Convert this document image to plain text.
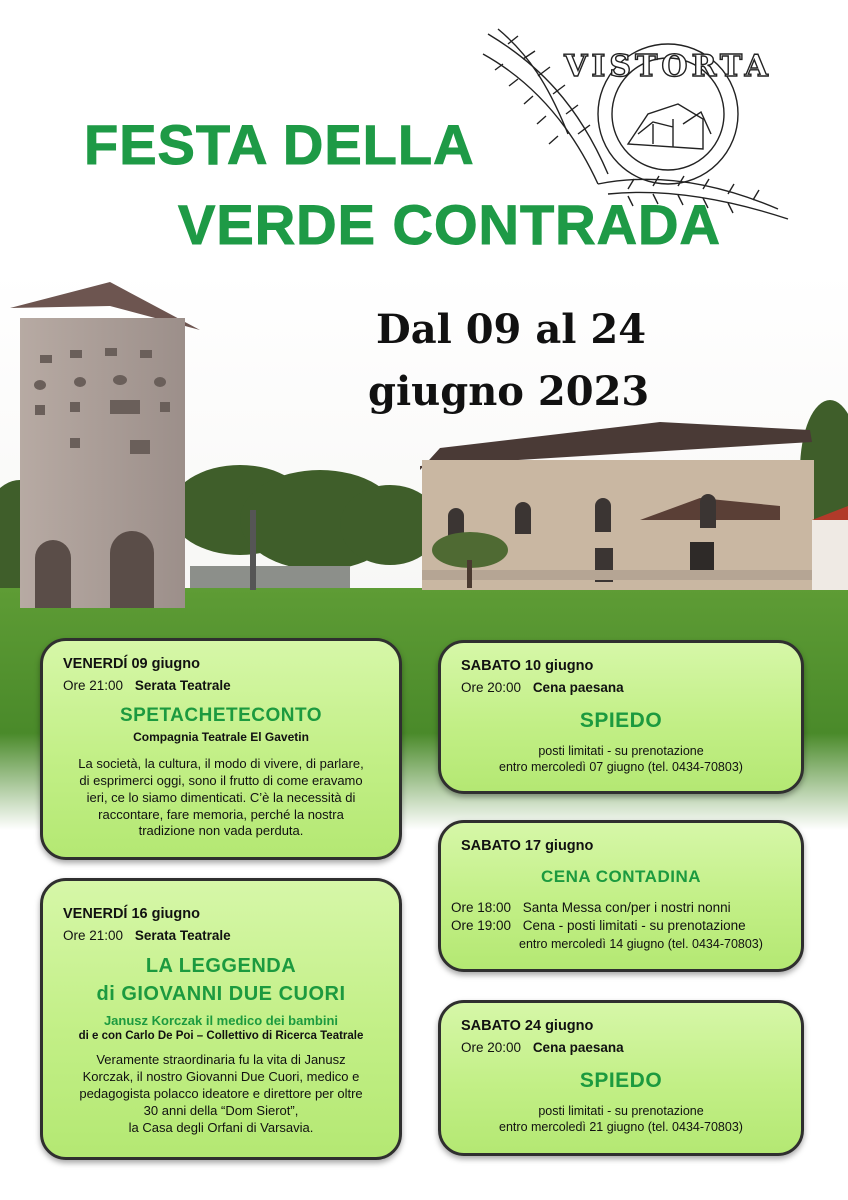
FESTA DELLA
VERDE CONTRADA
VISTORTA
Dal 09 al 24
giugno 2023
VENERDÍ 09 giugno
Ore 21:00 Serata Teatrale
SPETACHETECONTO
Compagnia Teatrale El Gavetin
La società, la cultura, il modo di vivere, di parlare,
di esprimerci oggi, sono il frutto di come eravamo
ieri, ce lo siamo dimenticati. C’è la necessità di
raccontare, fare memoria, perché la nostra
tradizione non vada perduta.
SABATO 10 giugno
Ore 20:00 Cena paesana
SPIEDO
posti limitati - su prenotazione
entro mercoledì 07 giugno (tel. 0434-70803)
SABATO 17 giugno
CENA CONTADINA
Ore 18:00 Santa Messa con/per i nostri nonni
Ore 19:00 Cena - posti limitati - su prenotazione
entro mercoledì 14 giugno (tel. 0434-70803)
VENERDÍ 16 giugno
Ore 21:00 Serata Teatrale
LA LEGGENDA
di GIOVANNI DUE CUORI
Janusz Korczak il medico dei bambini
di e con Carlo De Poi – Collettivo di Ricerca Teatrale
Veramente straordinaria fu la vita di Janusz
Korczak, il nostro Giovanni Due Cuori, medico e
pedagogista polacco ideatore e direttore per oltre
30 anni della “Dom Sierot”,
la Casa degli Orfani di Varsavia.
SABATO 24 giugno
Ore 20:00 Cena paesana
SPIEDO
posti limitati - su prenotazione
entro mercoledì 21 giugno (tel. 0434-70803)
